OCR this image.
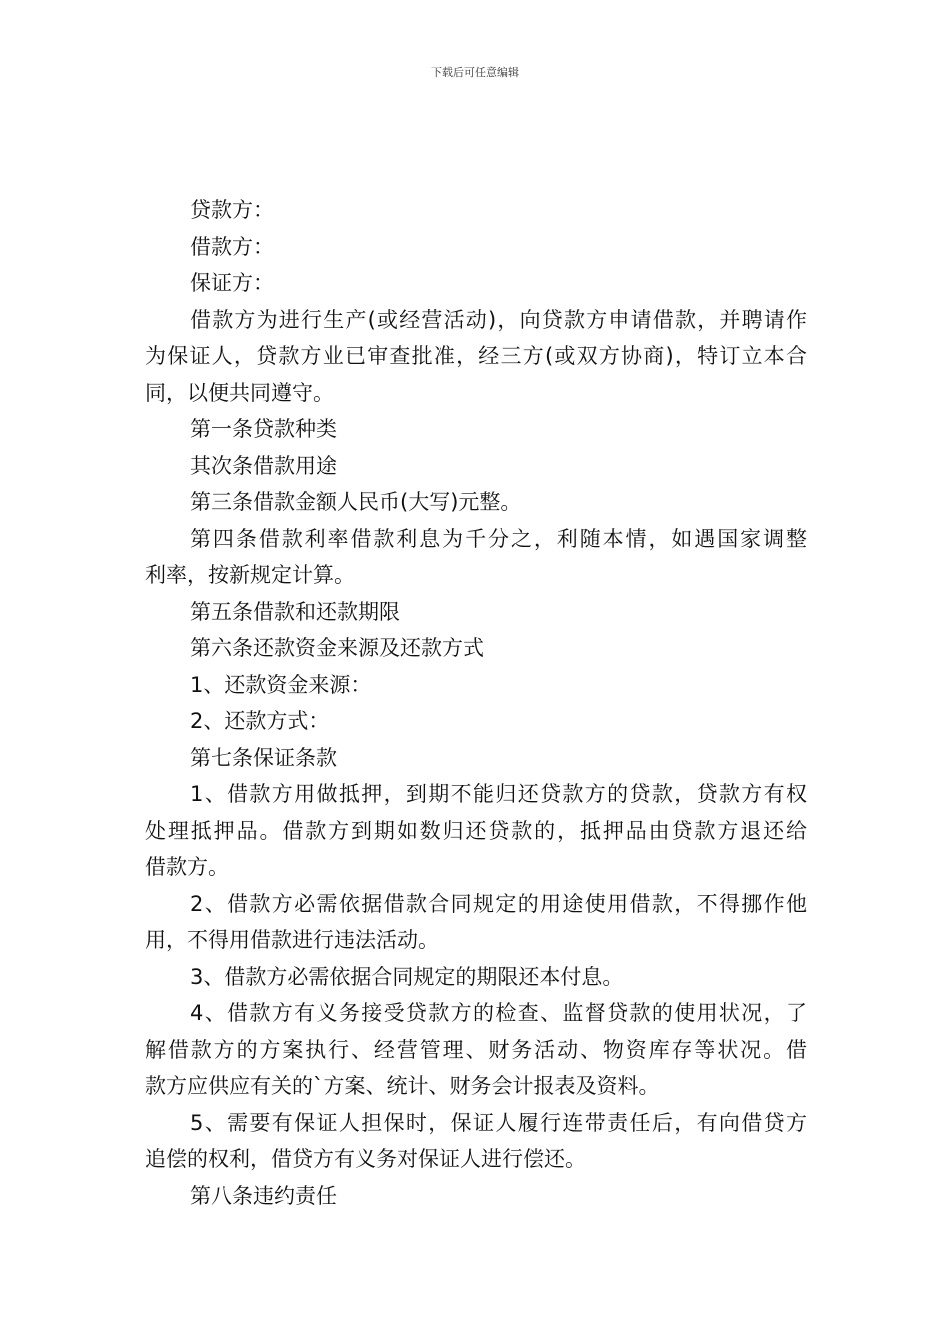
下载后可任意编辑
贷款方：
借款方：
保证方：
借款方为进行生产(或经营活动)，向贷款方申请借款，并聘请作
为保证人，贷款方业已审查批准，经三方(或双方协商)，特订立本合
同，以便共同遵守。
第一条贷款种类
其次条借款用途
第三条借款金额人民币(大写)元整。
第四条借款利率借款利息为千分之，利随本情，如遇国家调整
利率，按新规定计算。
第五条借款和还款期限
第六条还款资金来源及还款方式
1、还款资金来源：
2、还款方式：
第七条保证条款
1、借款方用做抵押，到期不能归还贷款方的贷款，贷款方有权
处理抵押品。借款方到期如数归还贷款的，抵押品由贷款方退还给
借款方。
2、借款方必需依据借款合同规定的用途使用借款，不得挪作他
用，不得用借款进行违法活动。
3、借款方必需依据合同规定的期限还本付息。
4、借款方有义务接受贷款方的检查、监督贷款的使用状况，了
解借款方的方案执行、经营管理、财务活动、物资库存等状况。借
款方应供应有关的`方案、统计、财务会计报表及资料。
5、需要有保证人担保时，保证人履行连带责任后，有向借贷方
追偿的权利，借贷方有义务对保证人进行偿还。
第八条违约责任
